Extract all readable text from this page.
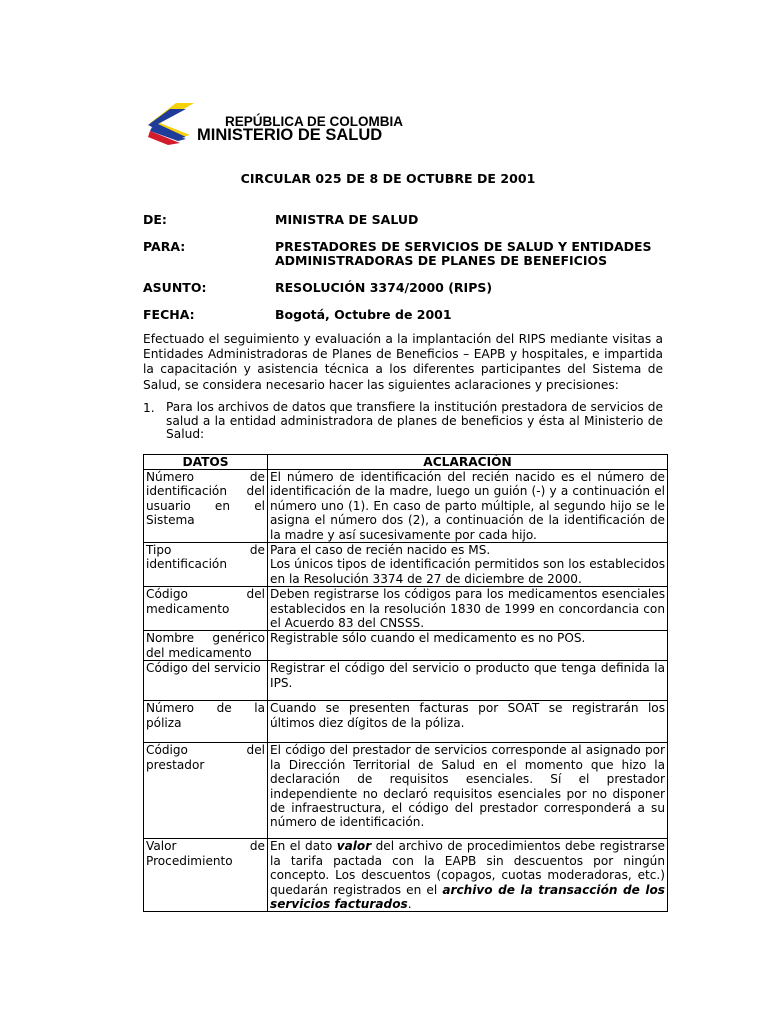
REPÚBLICA DE COLOMBIA
MINISTERIO DE SALUD
CIRCULAR 025 DE 8 DE OCTUBRE DE 2001
DE:	MINISTRA DE SALUD
PARA:	PRESTADORES DE SERVICIOS DE SALUD Y ENTIDADES
ADMINISTRADORAS DE PLANES DE BENEFICIOS
ASUNTO:	RESOLUCIÓN 3374/2000 (RIPS)
FECHA:	Bogotá, Octubre de 2001
Efectuado el seguimiento y evaluación a la implantación del RIPS mediante visitas a Entidades Administradoras de Planes de Beneficios – EAPB y hospitales, e impartida la capacitación y asistencia técnica a los diferentes participantes del Sistema de Salud, se considera necesario hacer las siguientes aclaraciones y precisiones:
1. Para los archivos de datos que transfiere la institución prestadora de servicios de salud a la entidad administradora de planes de beneficios y ésta al Ministerio de Salud:
DATOS	ACLARACIÓN
Número de identificación del usuario en el Sistema	El número de identificación del recién nacido es el número de identificación de la madre, luego un guión (-) y a continuación el número uno (1). En caso de parto múltiple, al segundo hijo se le asigna el número dos (2), a continuación de la identificación de la madre y así sucesivamente por cada hijo.
Tipo de identificación	Para el caso de recién nacido es MS.
Los únicos tipos de identificación permitidos son los establecidos en la Resolución 3374 de 27 de diciembre de 2000.

Código del medicamento	Deben registrarse los códigos para los medicamentos esenciales establecidos en la resolución 1830 de 1999 en concordancia con el Acuerdo 83 del CNSSS.
Nombre genérico del medicamento	Registrable sólo cuando el medicamento es no POS.
Código del servicio	Registrar el código del servicio o producto que tenga definida la IPS.
Número de la póliza	Cuando se presenten facturas por SOAT se registrarán los últimos diez dígitos de la póliza.
Código del prestador	El código del prestador de servicios corresponde al asignado por la Dirección Territorial de Salud en el momento que hizo la declaración de requisitos esenciales. Sí el prestador independiente no declaró requisitos esenciales por no disponer de infraestructura, el código del prestador corresponderá a su número de identificación.
Valor de Procedimiento	En el dato valor del archivo de procedimientos debe registrarse la tarifa pactada con la EAPB sin descuentos por ningún concepto. Los descuentos (copagos, cuotas moderadoras, etc.) quedarán registrados en el archivo de la transacción de los servicios facturados.
